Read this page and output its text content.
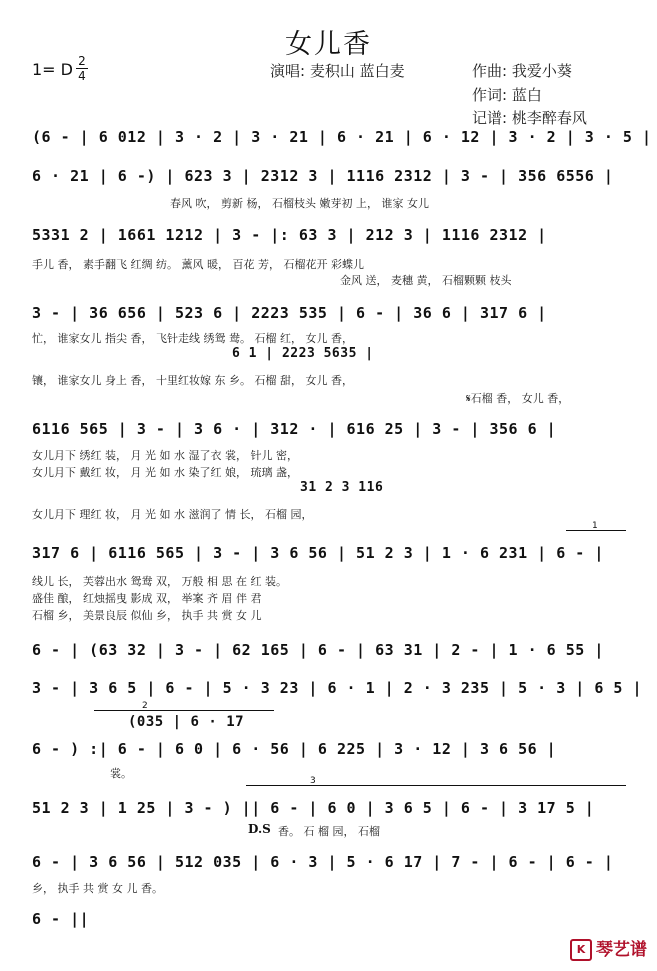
女儿香
1= D 2
4	演唱: 麦积山 蓝白麦	作曲: 我爱小葵
作词: 蓝白
记谱: 桃李醉春风
(6 - | 6 012 | 3 · 2 | 3 · 21 | 6 · 21 | 6 · 12 | 3 · 2 | 3 · 5 |
6 · 21 | 6 -) | 623 3 | 2312 3 | 1116 2312 | 3 - | 356 6556 |
春风 吹， 剪新 杨， 石榴枝头 嫩芽初 上， 谁家 女儿
5331 2 | 1661 1212 | 3 - |: 63 3 | 212 3 | 1116 2312 |
手儿 香， 素手翻飞 红绸 纺。 薰风 暖， 百花 芳， 石榴花开 彩蝶儿
金风 送， 麦穗 黄， 石榴颗颗 枝头
3 - | 36 656 | 523 6 | 2223 535 | 6 - | 36 6 | 317 6 |
忙， 谁家女儿 指尖 香， 飞针走线 绣鸳 鸯。 石榴 红， 女儿 香，
6 1 | 2223 5635 |
镶， 谁家女儿 身上 香， 十里红妆嫁 东 乡。 石榴 甜， 女儿 香，
𝄋石榴 香， 女儿 香，
6116 565 | 3 - | 3 6 · | 312 · | 616 25 | 3 - | 356 6 |
女儿月下 绣红 装， 月 光 如 水 湿了衣 裳， 针儿 密，
女儿月下 戴红 妆， 月 光 如 水 染了红 娘， 琉璃 盏，
31 2 3 116
女儿月下 理红 妆， 月 光 如 水 滋润了 情 长， 石榴 园，
1
317 6 | 6116 565 | 3 - | 3 6 56 | 51 2 3 | 1 · 6 231 | 6 - |
线儿 长， 芙蓉出水 鸳鸯 双， 万般 相 思 在 红 装。
盛佳 酿， 红烛摇曳 影成 双， 举案 齐 眉 伴 君
石榴 乡， 美景良辰 似仙 乡， 执手 共 赏 女 儿
6 - | (63 32 | 3 - | 62 165 | 6 - | 63 31 | 2 - | 1 · 6 55 |
3 - | 3 6 5 | 6 - | 5 · 3 23 | 6 · 1 | 2 · 3 235 | 5 · 3 | 6 5 |
2
(035 | 6 · 17
6 - ) :| 6 - | 6 0 | 6 · 56 | 6 225 | 3 · 12 | 3 6 56 |
裳。
3
51 2 3 | 1 25 | 3 - ) || 6 - | 6 0 | 3 6 5 | 6 - | 3 17 5 |
D.S 香。 石 榴 园， 石榴
6 - | 3 6 56 | 512 035 | 6 · 3 | 5 · 6 17 | 7 - | 6 - | 6 - |
乡， 执手 共 赏 女 儿 香。
6 - ||
K 琴艺谱
